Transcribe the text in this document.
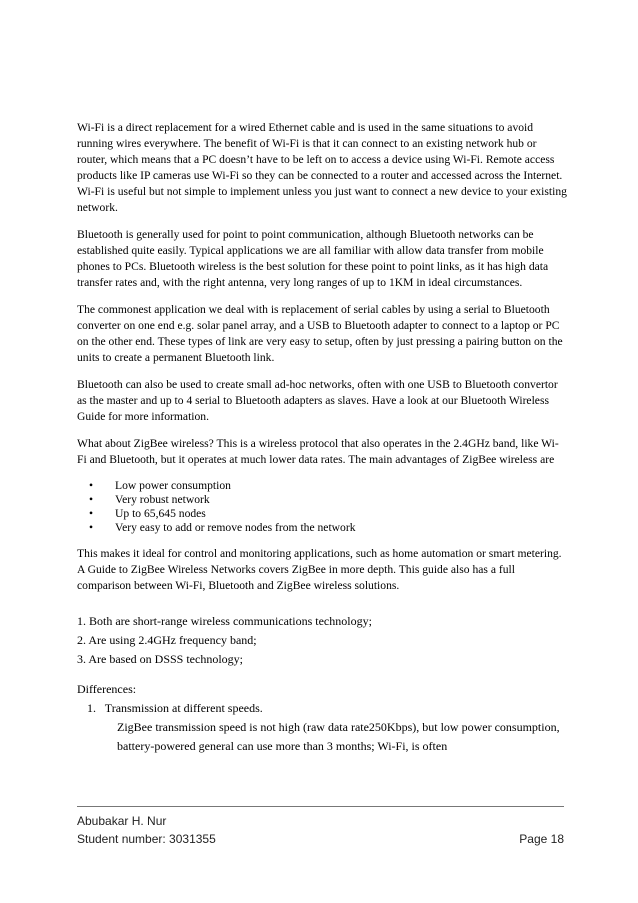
Wi-Fi is a direct replacement for a wired Ethernet cable and is used in the same situations to avoid running wires everywhere. The benefit of Wi-Fi is that it can connect to an existing network hub or router, which means that a PC doesn’t have to be left on to access a device using Wi-Fi. Remote access products like IP cameras use Wi-Fi so they can be connected to a router and accessed across the Internet. Wi-Fi is useful but not simple to implement unless you just want to connect a new device to your existing network.

Bluetooth is generally used for point to point communication, although Bluetooth networks can be established quite easily. Typical applications we are all familiar with allow data transfer from mobile phones to PCs. Bluetooth wireless is the best solution for these point to point links, as it has high data transfer rates and, with the right antenna, very long ranges of up to 1KM in ideal circumstances.

The commonest application we deal with is replacement of serial cables by using a serial to Bluetooth converter on one end e.g. solar panel array, and a USB to Bluetooth adapter to connect to a laptop or PC on the other end. These types of link are very easy to setup, often by just pressing a pairing button on the units to create a permanent Bluetooth link.

Bluetooth can also be used to create small ad-hoc networks, often with one USB to Bluetooth convertor as the master and up to 4 serial to Bluetooth adapters as slaves. Have a look at our Bluetooth Wireless Guide for more information.

What about ZigBee wireless? This is a wireless protocol that also operates in the 2.4GHz band, like Wi-Fi and Bluetooth, but it operates at much lower data rates. The main advantages of ZigBee wireless are

• Low power consumption
• Very robust network
• Up to 65,645 nodes
• Very easy to add or remove nodes from the network

This makes it ideal for control and monitoring applications, such as home automation or smart metering. A Guide to ZigBee Wireless Networks covers ZigBee in more depth. This guide also has a full comparison between Wi-Fi, Bluetooth and ZigBee wireless solutions.

1. Both are short-range wireless communications technology;
2. Are using 2.4GHz frequency band;
3. Are based on DSSS technology;
Differences:
1.   Transmission at different speeds.
ZigBee transmission speed is not high (raw data rate250Kbps), but low power consumption, battery-powered general can use more than 3 months; Wi-Fi, is often
Abubakar H. Nur
Student number: 3031355	Page 18
